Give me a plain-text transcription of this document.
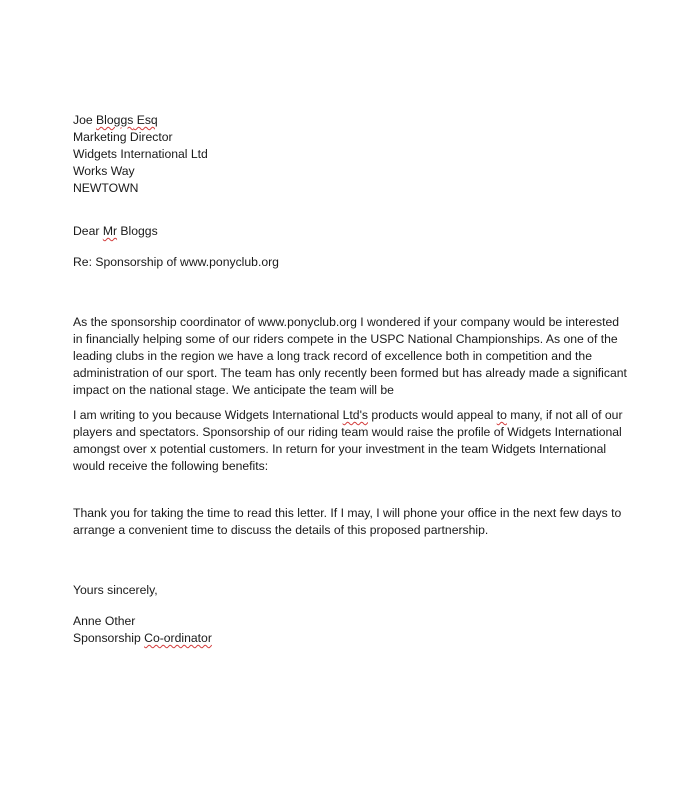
Joe Bloggs Esq
Marketing Director
Widgets International Ltd
Works Way
NEWTOWN
Dear Mr Bloggs
Re: Sponsorship of www.ponyclub.org
As the sponsorship coordinator of www.ponyclub.org I wondered if your company would be interested
in financially helping some of our riders compete in the USPC National Championships. As one of the
leading clubs in the region we have a long track record of excellence both in competition and the
administration of our sport. The team has only recently been formed but has already made a significant
impact on the national stage. We anticipate the team will be
I am writing to you because Widgets International Ltd's products would appeal to many, if not all of our
players and spectators. Sponsorship of our riding team would raise the profile of Widgets International
amongst over x potential customers. In return for your investment in the team Widgets International
would receive the following benefits:
Thank you for taking the time to read this letter. If I may, I will phone your office in the next few days to
arrange a convenient time to discuss the details of this proposed partnership.
Yours sincerely,
Anne Other
Sponsorship Co-ordinator
